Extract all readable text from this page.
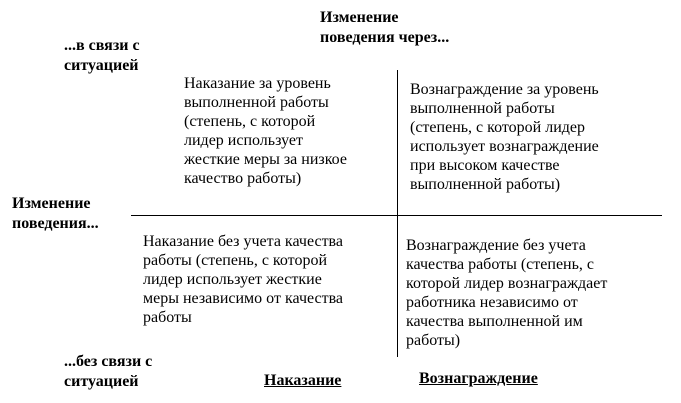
Изменение
поведения через...
...в связи с
ситуацией
Изменение
поведения...
...без связи с
ситуацией
Наказание за уровень
выполненной работы
(степень, с которой
лидер использует
жесткие меры за низкое
качество работы)
Вознаграждение за уровень
выполненной работы
(степень, с которой лидер
использует вознаграждение
при высоком качестве
выполненной работы)
Наказание без учета качества
работы (степень, с которой
лидер использует жесткие
меры независимо от качества
работы
Вознаграждение без учета
качества работы (степень, с
которой лидер вознаграждает
работника независимо от
качества выполненной им
работы)
Наказание	Вознаграждение
